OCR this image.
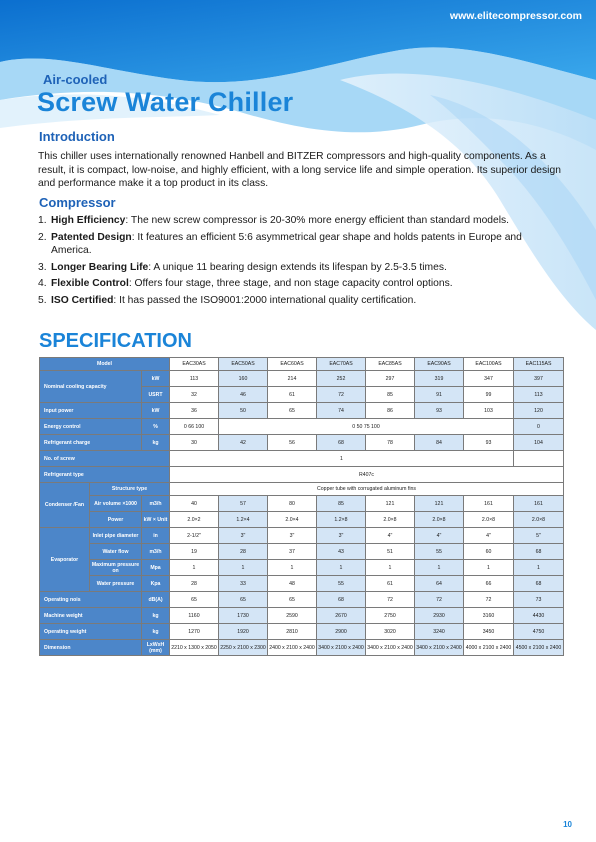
www.elitecompressor.com
Air-cooled
Screw Water Chiller
Introduction
This chiller uses internationally renowned Hanbell and BITZER compressors and high-quality components. As a result, it is compact, low-noise, and highly efficient, with a long service life and simple operation. Its superior design and performance make it a top product in its class.
Compressor
1. High Efficiency: The new screw compressor is 20-30% more energy efficient than standard models.
2. Patented Design: It features an efficient 5:6 asymmetrical gear shape and holds patents in Europe and America.
3. Longer Bearing Life: A unique 11 bearing design extends its lifespan by 2.5-3.5 times.
4. Flexible Control: Offers four stage, three stage, and non stage capacity control options.
5. ISO Certified: It has passed the ISO9001:2000 international quality certification.
SPECIFICATION
Model			EAC30AS	EAC50AS	EAC60AS	EAC70AS	EAC85AS	EAC90AS	EAC100AS	EAC115AS
Nominal cooling capacity		kW	113	160	214	252	297	319	347	397
		USRT	32	46	61	72	85	91	99	113
Input power		kW	36	50	65	74	86	93	103	120
Energy control		%	0 66 100	0 50 75 100						0
Refrigerant charge		kg	30	42	56	68	78	84	93	104
No. of screw			1							
Refrigerant type			R407c							
Condenser /Fan	Structure type		Copper tube with corrugated aluminum fins							
	Air volume ×1000	m3/h	40	57	80	85	121	121	161	161
	Power	kW × Unit	2.0×2	1.2×4	2.0×4	1.2×8	2.0×8	2.0×8	2.0×8	2.0×8
Evaporator	Inlet pipe diameter	in	2-1/2"	3"	3"	3"	4"	4"	4"	5"
	Water flow	m3/h	19	28	37	43	51	55	60	68
	Maximum pressure on	Mpa	1	1	1	1	1	1	1	1
	Water pressure	Kpa	28	33	48	55	61	64	66	68
Operating nois		dB(A)	65	65	65	68	72	72	72	73
Machine weight		kg	1160	1730	2590	2670	2750	2930	3160	4430
Operating weight		kg	1270	1920	2810	2900	3020	3240	3450	4750
Dimension		LxWxH (mm)	2210 x 1300 x 2050	2250 x 2100 x 2300	2400 x 2100 x 2400	3400 x 2100 x 2400	3400 x 2100 x 2400	3400 x 2100 x 2400	4000 x 2100 x 2400	4500 x 2100 x 2400
10
